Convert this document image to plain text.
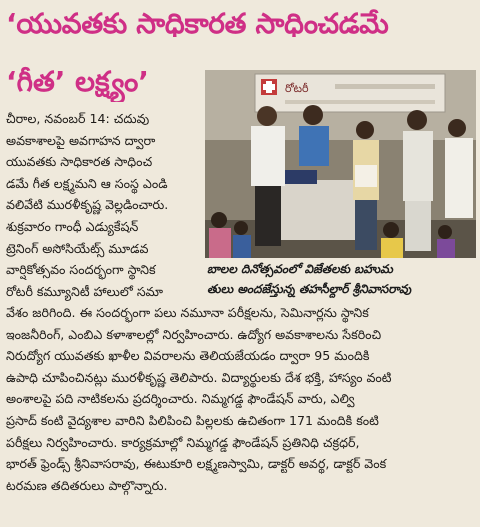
‘యువతకు సాధికారత సాధించడమే
‘గీత’ లక్ష్యం’
చీరాల, నవంబర్ 14: చదువు
అవకాశాలపై అవగాహన ద్వారా
యువతకు సాధికారత సాధించ
డమే గీత లక్ష్మమని ఆ సంస్థ ఎండి
వలివేటి మురళీకృష్ణ వెల్లడించారు.
శుక్రవారం గాంధీ ఎడ్యుకేషన్
ట్రెనింగ్ అసోసియేట్స్ మూడవ
వార్షికోత్సవం సందర్భంగా స్థానిక
రోటరీ కమ్యూనిటీ హాలులో సమా
రోటరీ
బాలల దినోత్సవంలో విజేతలకు బహుమ
తులు అందజేస్తున్న తహసీల్దార్ శ్రీనివాసరావు
వేశం జరిగింది. ఈ సందర్భంగా పలు నమూనా పరీక్షలను, సెమినార్లను స్థానిక
ఇంజనీరింగ్, ఎంబిఎ కళాశాలల్లో నిర్వహించారు. ఉద్యోగ అవకాశాలను సేకరించి
నిరుద్యోగ యువతకు ఖాళీల వివరాలను తెలియజేయడం ద్వారా 95 మందికి
ఉపాధి చూపించినట్లు మురళీకృష్ణ తెలిపారు. విద్యార్థులకు దేశ భక్తి, హాస్యం వంటి
అంశాలపై పది నాటికలను ప్రదర్శించారు. నిమ్మగడ్డ ఫౌండేషన్ వారు, ఎల్వి
ప్రసాద్ కంటి వైద్యశాల వారిని పిలిపించి పిల్లలకు ఉచితంగా 171 మందికి కంటి
పరీక్షలు నిర్వహించారు. కార్యక్రమాల్లో నిమ్మగడ్డ ఫౌండేషన్ ప్రతినిధి చక్రధర్,
భారత్ ఫ్రెండ్స్ శ్రీనివాసరావు, ఈటుకూరి లక్ష్మణస్వామి, డాక్టర్ అవర్థ, డాక్టర్ వెంక
టరమణ తదితరులు పాల్గొన్నారు.
